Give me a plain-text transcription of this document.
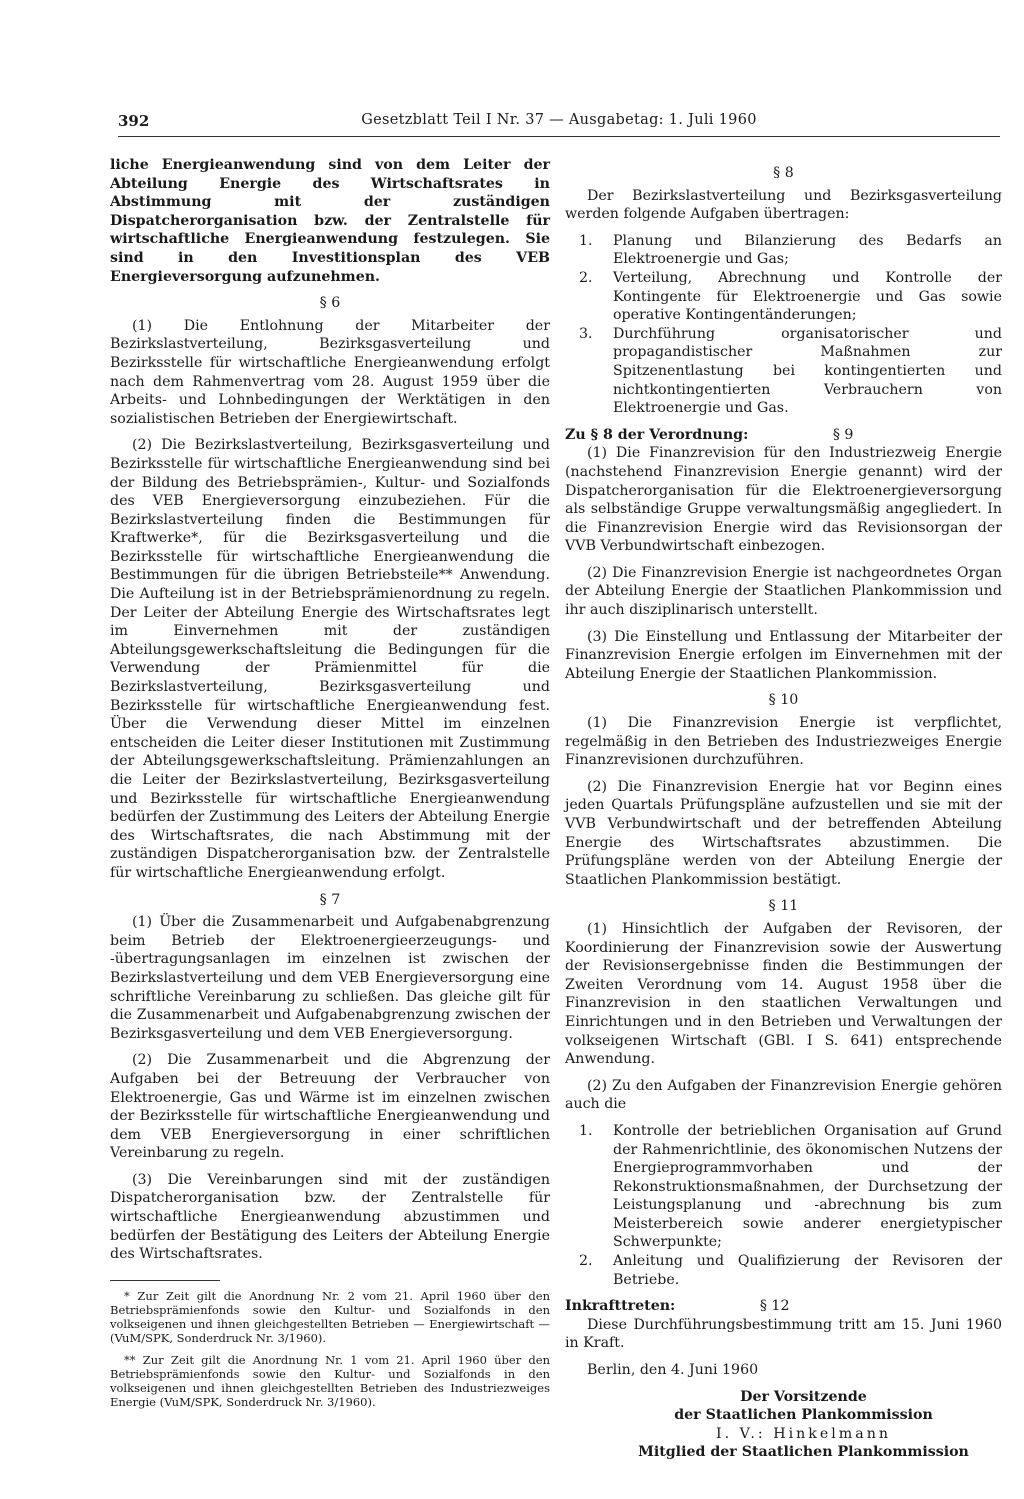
392	Gesetzblatt Teil I Nr. 37 — Ausgabetag: 1. Juli 1960

liche Energieanwendung sind von dem Leiter der Abteilung Energie des Wirtschaftsrates in Abstimmung mit der zuständigen Dispatcherorganisation bzw. der Zentralstelle für wirtschaftliche Energieanwendung festzulegen. Sie sind in den Investitionsplan des VEB Energieversorgung aufzunehmen.

§ 6

(1) Die Entlohnung der Mitarbeiter der Bezirkslastverteilung, Bezirksgasverteilung und Bezirksstelle für wirtschaftliche Energieanwendung erfolgt nach dem Rahmenvertrag vom 28. August 1959 über die Arbeits- und Lohnbedingungen der Werktätigen in den sozialistischen Betrieben der Energiewirtschaft.

(2) Die Bezirkslastverteilung, Bezirksgasverteilung und Bezirksstelle für wirtschaftliche Energieanwendung sind bei der Bildung des Betriebsprämien-, Kultur- und Sozialfonds des VEB Energieversorgung einzubeziehen. Für die Bezirkslastverteilung finden die Bestimmungen für Kraftwerke*, für die Bezirksgasverteilung und die Bezirksstelle für wirtschaftliche Energieanwendung die Bestimmungen für die übrigen Betriebsteile** Anwendung. Die Aufteilung ist in der Betriebsprämienordnung zu regeln. Der Leiter der Abteilung Energie des Wirtschaftsrates legt im Einvernehmen mit der zuständigen Abteilungsgewerkschaftsleitung die Bedingungen für die Verwendung der Prämienmittel für die Bezirkslastverteilung, Bezirksgasverteilung und Bezirksstelle für wirtschaftliche Energieanwendung fest. Über die Verwendung dieser Mittel im einzelnen entscheiden die Leiter dieser Institutionen mit Zustimmung der Abteilungsgewerkschaftsleitung. Prämienzahlungen an die Leiter der Bezirkslastverteilung, Bezirksgasverteilung und Bezirksstelle für wirtschaftliche Energieanwendung bedürfen der Zustimmung des Leiters der Abteilung Energie des Wirtschaftsrates, die nach Abstimmung mit der zuständigen Dispatcherorganisation bzw. der Zentralstelle für wirtschaftliche Energieanwendung erfolgt.

§ 7

(1) Über die Zusammenarbeit und Aufgabenabgrenzung beim Betrieb der Elektroenergieerzeugungs- und -übertragungsanlagen im einzelnen ist zwischen der Bezirkslastverteilung und dem VEB Energieversorgung eine schriftliche Vereinbarung zu schließen. Das gleiche gilt für die Zusammenarbeit und Aufgabenabgrenzung zwischen der Bezirksgasverteilung und dem VEB Energieversorgung.

(2) Die Zusammenarbeit und die Abgrenzung der Aufgaben bei der Betreuung der Verbraucher von Elektroenergie, Gas und Wärme ist im einzelnen zwischen der Bezirksstelle für wirtschaftliche Energieanwendung und dem VEB Energieversorgung in einer schriftlichen Vereinbarung zu regeln.

(3) Die Vereinbarungen sind mit der zuständigen Dispatcherorganisation bzw. der Zentralstelle für wirtschaftliche Energieanwendung abzustimmen und bedürfen der Bestätigung des Leiters der Abteilung Energie des Wirtschaftsrates.

* Zur Zeit gilt die Anordnung Nr. 2 vom 21. April 1960 über den Betriebsprämienfonds sowie den Kultur- und Sozialfonds in den volkseigenen und ihnen gleichgestellten Betrieben — Energiewirtschaft — (VuM/SPK, Sonderdruck Nr. 3/1960).

** Zur Zeit gilt die Anordnung Nr. 1 vom 21. April 1960 über den Betriebsprämienfonds sowie den Kultur- und Sozialfonds in den volkseigenen und ihnen gleichgestellten Betrieben des Industriezweiges Energie (VuM/SPK, Sonderdruck Nr. 3/1960).

§ 8

Der Bezirkslastverteilung und Bezirksgasverteilung werden folgende Aufgaben übertragen:

1. Planung und Bilanzierung des Bedarfs an Elektroenergie und Gas;
2. Verteilung, Abrechnung und Kontrolle der Kontingente für Elektroenergie und Gas sowie operative Kontingentänderungen;
3. Durchführung organisatorischer und propagandistischer Maßnahmen zur Spitzenentlastung bei kontingentierten und nichtkontingentierten Verbrauchern von Elektroenergie und Gas.
Zu § 8 der Verordnung:	§ 9

(1) Die Finanzrevision für den Industriezweig Energie (nachstehend Finanzrevision Energie genannt) wird der Dispatcherorganisation für die Elektroenergieversorgung als selbständige Gruppe verwaltungsmäßig angegliedert. In die Finanzrevision Energie wird das Revisionsorgan der VVB Verbundwirtschaft einbezogen.

(2) Die Finanzrevision Energie ist nachgeordnetes Organ der Abteilung Energie der Staatlichen Plankommission und ihr auch disziplinarisch unterstellt.

(3) Die Einstellung und Entlassung der Mitarbeiter der Finanzrevision Energie erfolgen im Einvernehmen mit der Abteilung Energie der Staatlichen Plankommission.

§ 10

(1) Die Finanzrevision Energie ist verpflichtet, regelmäßig in den Betrieben des Industriezweiges Energie Finanzrevisionen durchzuführen.

(2) Die Finanzrevision Energie hat vor Beginn eines jeden Quartals Prüfungspläne aufzustellen und sie mit der VVB Verbundwirtschaft und der betreffenden Abteilung Energie des Wirtschaftsrates abzustimmen. Die Prüfungspläne werden von der Abteilung Energie der Staatlichen Plankommission bestätigt.

§ 11

(1) Hinsichtlich der Aufgaben der Revisoren, der Koordinierung der Finanzrevision sowie der Auswertung der Revisionsergebnisse finden die Bestimmungen der Zweiten Verordnung vom 14. August 1958 über die Finanzrevision in den staatlichen Verwaltungen und Einrichtungen und in den Betrieben und Verwaltungen der volkseigenen Wirtschaft (GBl. I S. 641) entsprechende Anwendung.

(2) Zu den Aufgaben der Finanzrevision Energie gehören auch die

1. Kontrolle der betrieblichen Organisation auf Grund der Rahmenrichtlinie, des ökonomischen Nutzens der Energieprogrammvorhaben und der Rekonstruktionsmaßnahmen, der Durchsetzung der Leistungsplanung und -abrechnung bis zum Meisterbereich sowie anderer energietypischer Schwerpunkte;
2. Anleitung und Qualifizierung der Revisoren der Betriebe.
Inkrafttreten:	§ 12

Diese Durchführungsbestimmung tritt am 15. Juni 1960 in Kraft.

Berlin, den 4. Juni 1960

Der Vorsitzende
der Staatlichen Plankommission
I. V.: Hinkelmann
Mitglied der Staatlichen Plankommission
